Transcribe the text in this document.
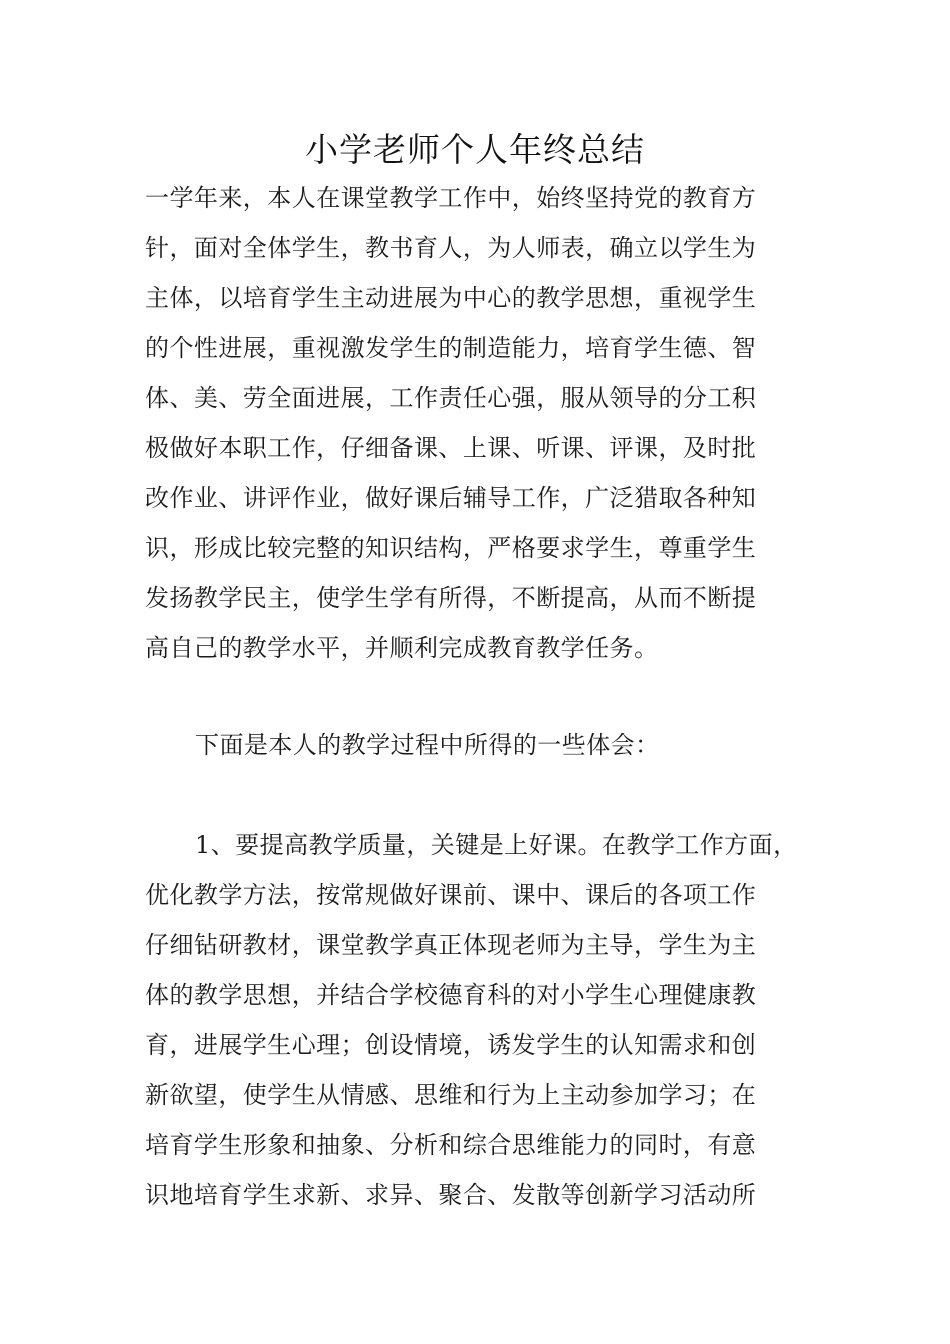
小学老师个人年终总结

一学年来，本人在课堂教学工作中，始终坚持党的教育方

针，面对全体学生，教书育人，为人师表，确立以学生为

主体，以培育学生主动进展为中心的教学思想，重视学生

的个性进展，重视激发学生的制造能力，培育学生德、智

体、美、劳全面进展，工作责任心强，服从领导的分工积

极做好本职工作，仔细备课、上课、听课、评课，及时批

改作业、讲评作业，做好课后辅导工作，广泛猎取各种知

识，形成比较完整的知识结构，严格要求学生，尊重学生

发扬教学民主，使学生学有所得，不断提高，从而不断提

高自己的教学水平，并顺利完成教育教学任务。

下面是本人的教学过程中所得的一些体会：

1、要提高教学质量，关键是上好课。在教学工作方面，

优化教学方法，按常规做好课前、课中、课后的各项工作

仔细钻研教材，课堂教学真正体现老师为主导，学生为主

体的教学思想，并结合学校德育科的对小学生心理健康教

育，进展学生心理；创设情境，诱发学生的认知需求和创

新欲望，使学生从情感、思维和行为上主动参加学习；在

培育学生形象和抽象、分析和综合思维能力的同时，有意

识地培育学生求新、求异、聚合、发散等创新学习活动所
